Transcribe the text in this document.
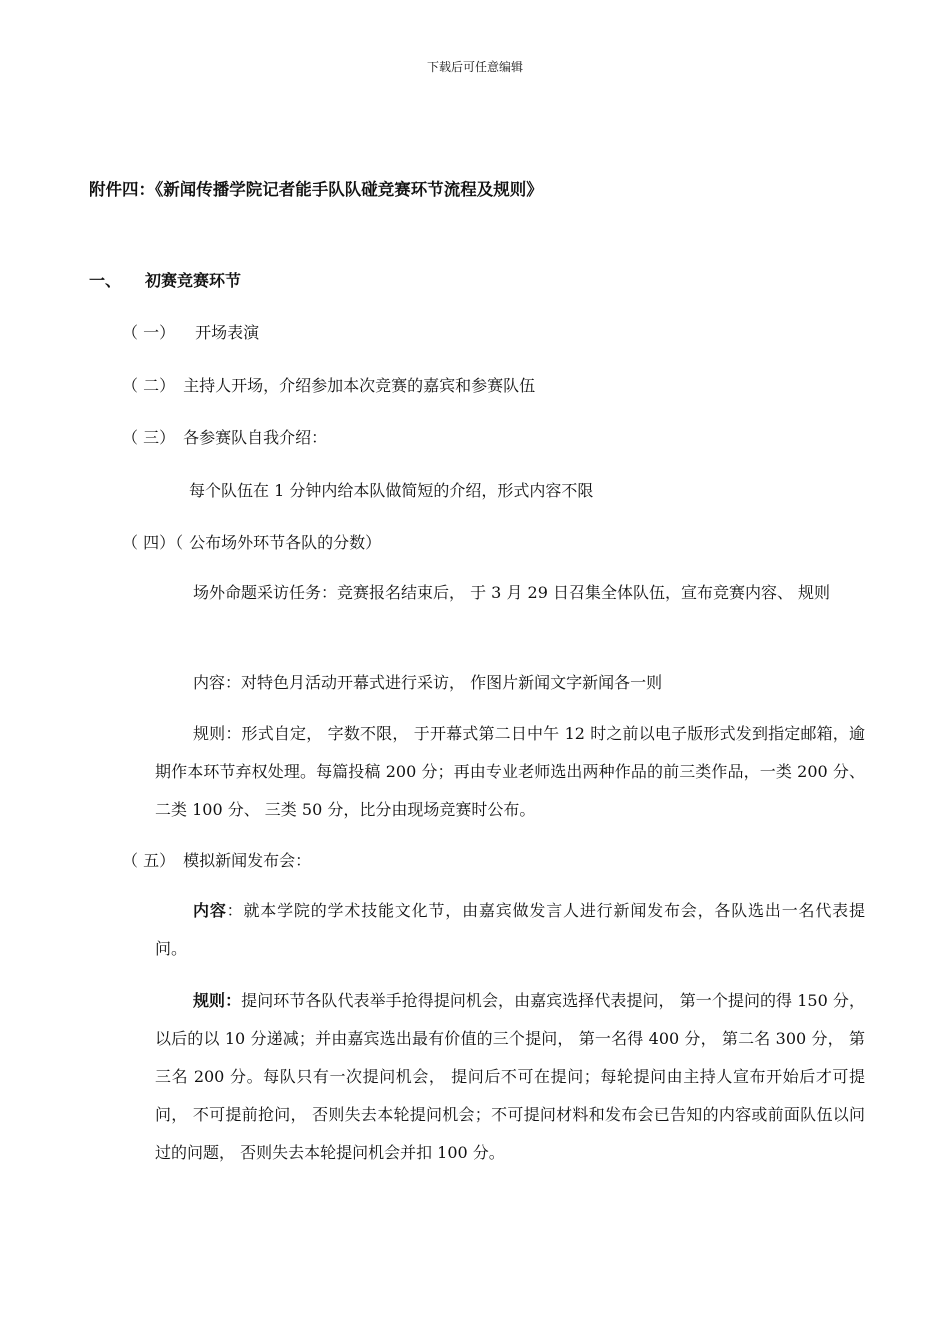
下载后可任意编辑
附件四：《新闻传播学院记者能手队队碰竞赛环节流程及规则》
一、 初赛竞赛环节
（ 一） 开场表演
（ 二） 主持人开场，介绍参加本次竞赛的嘉宾和参赛队伍
（ 三） 各参赛队自我介绍：
每个队伍在 1 分钟内给本队做简短的介绍，形式内容不限
（ 四）（ 公布场外环节各队的分数）
场外命题采访任务：竞赛报名结束后， 于 3 月 29 日召集全体队伍，宣布竞赛内容、 规则
内容：对特色月活动开幕式进行采访， 作图片新闻文字新闻各一则
规则：形式自定， 字数不限， 于开幕式第二日中午 12 时之前以电子版形式发到指定邮箱，逾期作本环节弃权处理。每篇投稿 200 分；再由专业老师选出两种作品的前三类作品，一类 200 分、 二类 100 分、 三类 50 分，比分由现场竞赛时公布。
（ 五） 模拟新闻发布会：
内容：就本学院的学术技能文化节，由嘉宾做发言人进行新闻发布会，各队选出一名代表提问。
规则：提问环节各队代表举手抢得提问机会，由嘉宾选择代表提问， 第一个提问的得 150 分， 以后的以 10 分递减；并由嘉宾选出最有价值的三个提问， 第一名得 400 分， 第二名 300 分， 第三名 200 分。每队只有一次提问机会， 提问后不可在提问；每轮提问由主持人宣布开始后才可提问， 不可提前抢问， 否则失去本轮提问机会；不可提问材料和发布会已告知的内容或前面队伍以问过的问题， 否则失去本轮提问机会并扣 100 分。
